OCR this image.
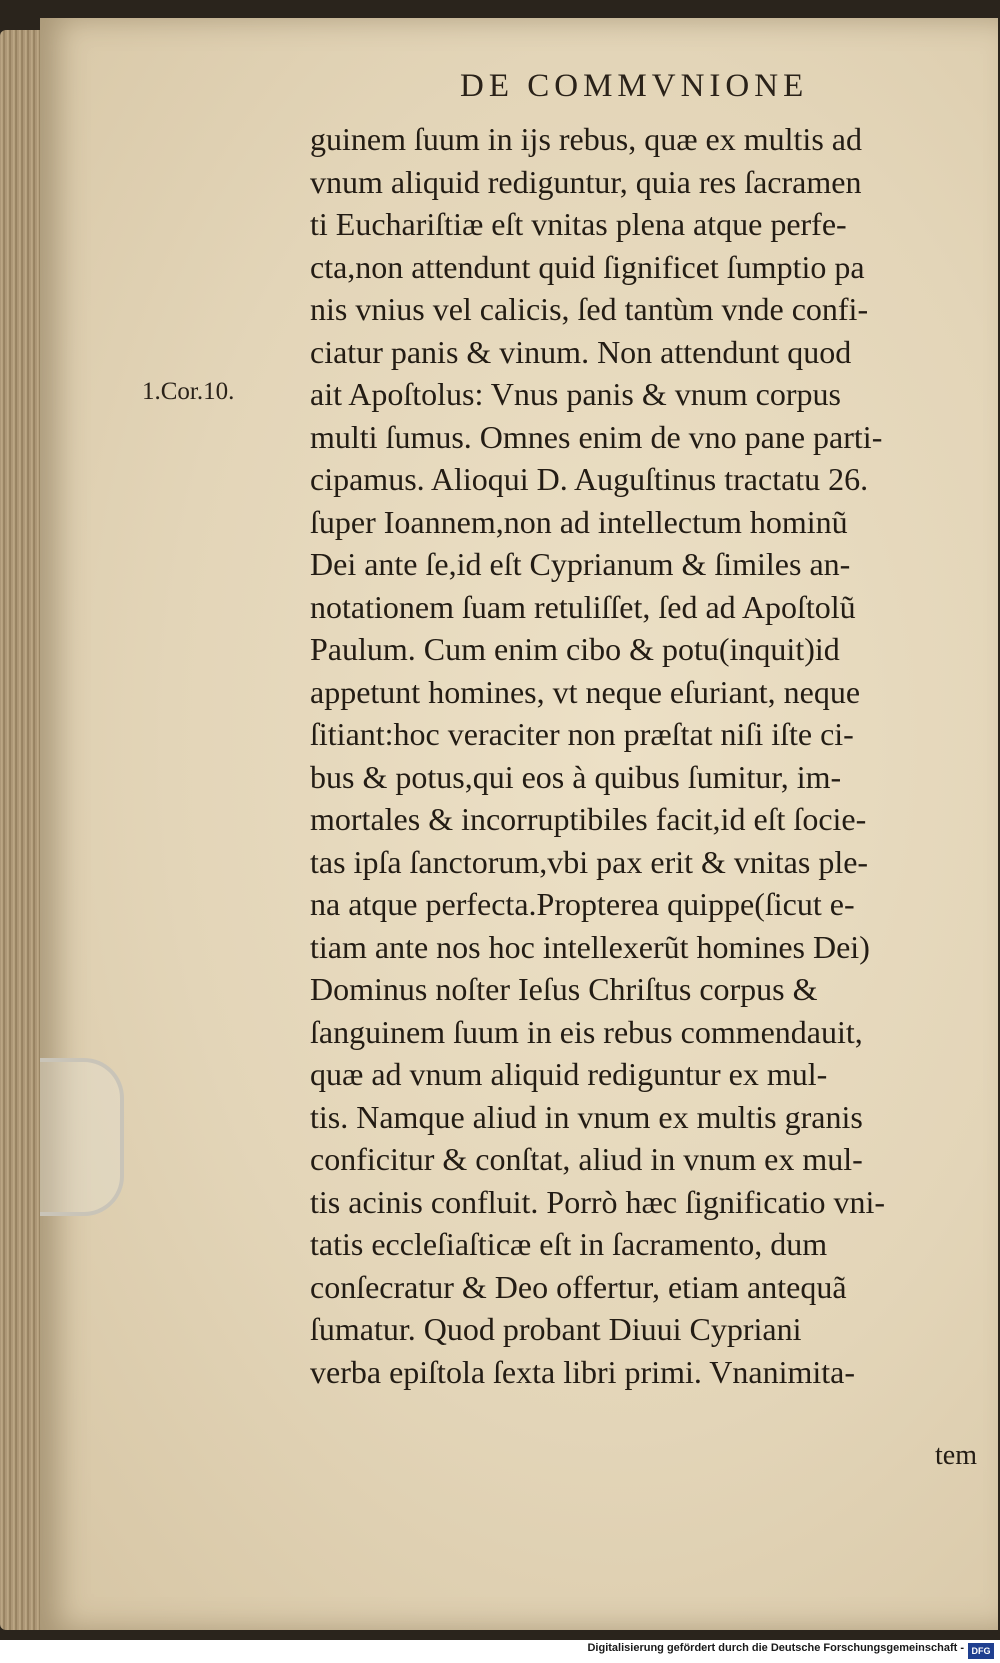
DE COMMVNIONE
1.Cor.10.
guinem ſuum in ijs rebus, quæ ex multis ad
vnum aliquid rediguntur, quia res ſacramen
ti Euchariſtiæ eſt vnitas plena atque perfe-
cta,non attendunt quid ſignificet ſumptio pa
nis vnius vel calicis, ſed tantùm vnde confi-
ciatur panis & vinum. Non attendunt quod
ait Apoſtolus: Vnus panis & vnum corpus
multi ſumus. Omnes enim de vno pane parti-
cipamus. Alioqui D. Auguſtinus tractatu 26.
ſuper Ioannem,non ad intellectum hominũ
Dei ante ſe,id eſt Cyprianum & ſimiles an-
notationem ſuam retuliſſet, ſed ad Apoſtolũ
Paulum. Cum enim cibo & potu(inquit)id
appetunt homines, vt neque eſuriant, neque
ſitiant:hoc veraciter non præſtat niſi iſte ci-
bus & potus,qui eos à quibus ſumitur, im-
mortales & incorruptibiles facit,id eſt ſocie-
tas ipſa ſanctorum,vbi pax erit & vnitas ple-
na atque perfecta.Propterea quippe(ſicut e-
tiam ante nos hoc intellexerũt homines Dei)
Dominus noſter Ieſus Chriſtus corpus &
ſanguinem ſuum in eis rebus commendauit,
quæ ad vnum aliquid rediguntur ex mul-
tis. Namque aliud in vnum ex multis granis
conficitur & conſtat, aliud in vnum ex mul-
tis acinis confluit. Porrò hæc ſignificatio vni-
tatis eccleſiaſticæ eſt in ſacramento, dum
conſecratur & Deo offertur, etiam antequã
ſumatur. Quod probant Diuui Cypriani
verba epiſtola ſexta libri primi. Vnanimita-
tem
Digitalisierung gefördert durch die Deutsche Forschungsgemeinschaft - DFG
